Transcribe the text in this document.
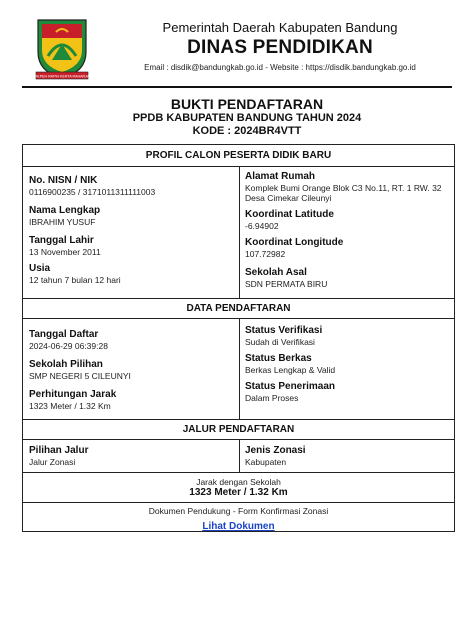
REPEH RAPIH KERTA RAHARJA
Pemerintah Daerah Kabupaten Bandung
DINAS PENDIDIKAN
Email : disdik@bandungkab.go.id - Website : https://disdik.bandungkab.go.id
BUKTI PENDAFTARAN
PPDB KABUPATEN BANDUNG TAHUN 2024
KODE : 2024BR4VTT
PROFIL CALON PESERTA DIDIK BARU
No. NISN / NIK
0116900235 / 3171011311111003
Nama Lengkap
IBRAHIM YUSUF
Tanggal Lahir
13 November 2011
Usia
12 tahun 7 bulan 12 hari
Alamat Rumah
Komplek Bumi Orange Blok C3 No.11, RT. 1 RW. 32
Desa Cimekar Cileunyi
Koordinat Latitude
-6.94902
Koordinat Longitude
107.72982
Sekolah Asal
SDN PERMATA BIRU
DATA PENDAFTARAN
Tanggal Daftar
2024-06-29 06:39:28
Sekolah Pilihan
SMP NEGERI 5 CILEUNYI
Perhitungan Jarak
1323 Meter / 1.32 Km
Status Verifikasi
Sudah di Verifikasi
Status Berkas
Berkas Lengkap & Valid
Status Penerimaan
Dalam Proses
JALUR PENDAFTARAN
Pilihan Jalur
Jalur Zonasi
Jenis Zonasi
Kabupaten
Jarak dengan Sekolah
1323 Meter / 1.32 Km
Dokumen Pendukung - Form Konfirmasi Zonasi
Lihat Dokumen
